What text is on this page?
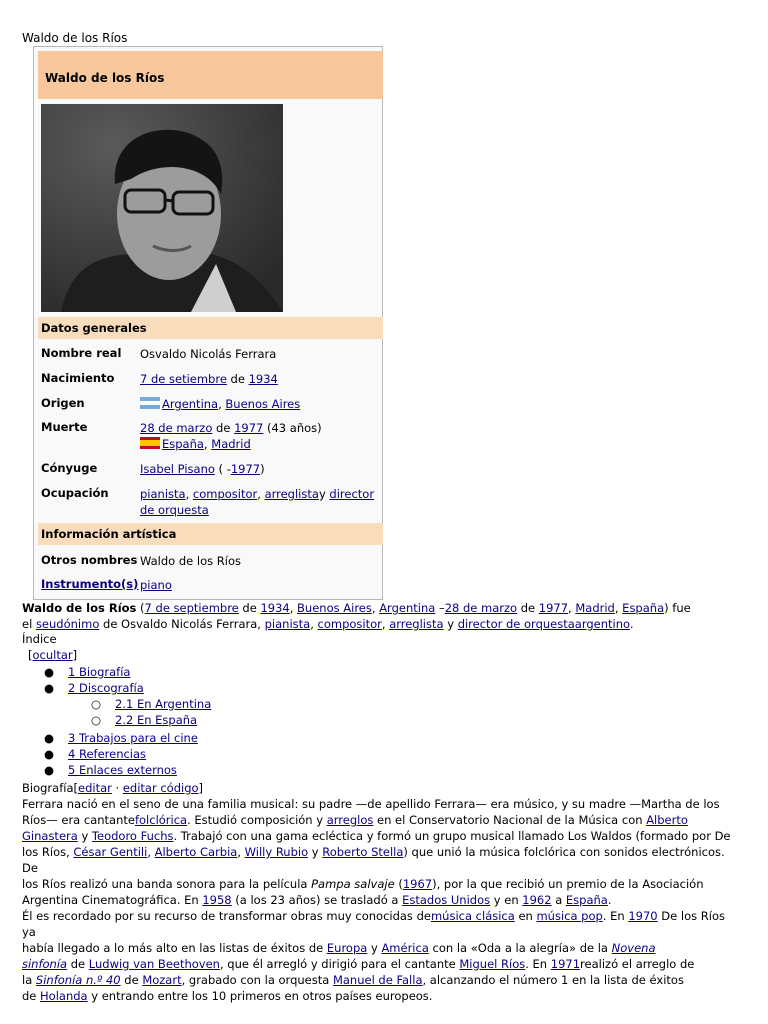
Waldo de los Ríos
Waldo de los Ríos
Datos generales
Nombre real	Osvaldo Nicolás Ferrara
Nacimiento	7 de setiembre de 1934
Origen	Argentina, Buenos Aires
Muerte	28 de marzo de 1977 (43 años)
España, Madrid
Cónyuge	Isabel Pisano ( -1977)
Ocupación	pianista, compositor, arreglistay director de orquesta
Información artística
Otros nombres Waldo de los Ríos
Instrumento(s) piano
Waldo de los Ríos (7 de septiembre de 1934, Buenos Aires, Argentina –28 de marzo de 1977, Madrid, España) fue
el seudónimo de Osvaldo Nicolás Ferrara, pianista, compositor, arreglista y director de orquestaargentino.
Índice
[ocultar]
● 1 Biografía
● 2 Discografía
○ 2.1 En Argentina
○ 2.2 En España
● 3 Trabajos para el cine
● 4 Referencias
● 5 Enlaces externos
Biografía[editar · editar código]
Ferrara nació en el seno de una familia musical: su padre —de apellido Ferrara— era músico, y su madre —Martha de los
Ríos— era cantantefolclórica. Estudió composición y arreglos en el Conservatorio Nacional de la Música con Alberto
Ginastera y Teodoro Fuchs. Trabajó con una gama ecléctica y formó un grupo musical llamado Los Waldos (formado por De
los Ríos, César Gentili, Alberto Carbia, Willy Rubio y Roberto Stella) que unió la música folclórica con sonidos electrónicos. De
los Ríos realizó una banda sonora para la película Pampa salvaje (1967), por la que recibió un premio de la Asociación
Argentina Cinematográfica. En 1958 (a los 23 años) se trasladó a Estados Unidos y en 1962 a España.
Él es recordado por su recurso de transformar obras muy conocidas demúsica clásica en música pop. En 1970 De los Ríos ya
había llegado a lo más alto en las listas de éxitos de Europa y América con la «Oda a la alegría» de la Novena
sinfonía de Ludwig van Beethoven, que él arregló y dirigió para el cantante Miguel Ríos. En 1971realizó el arreglo de
la Sinfonía n.º 40 de Mozart, grabado con la orquesta Manuel de Falla, alcanzando el número 1 en la lista de éxitos
de Holanda y entrando entre los 10 primeros en otros países europeos.
